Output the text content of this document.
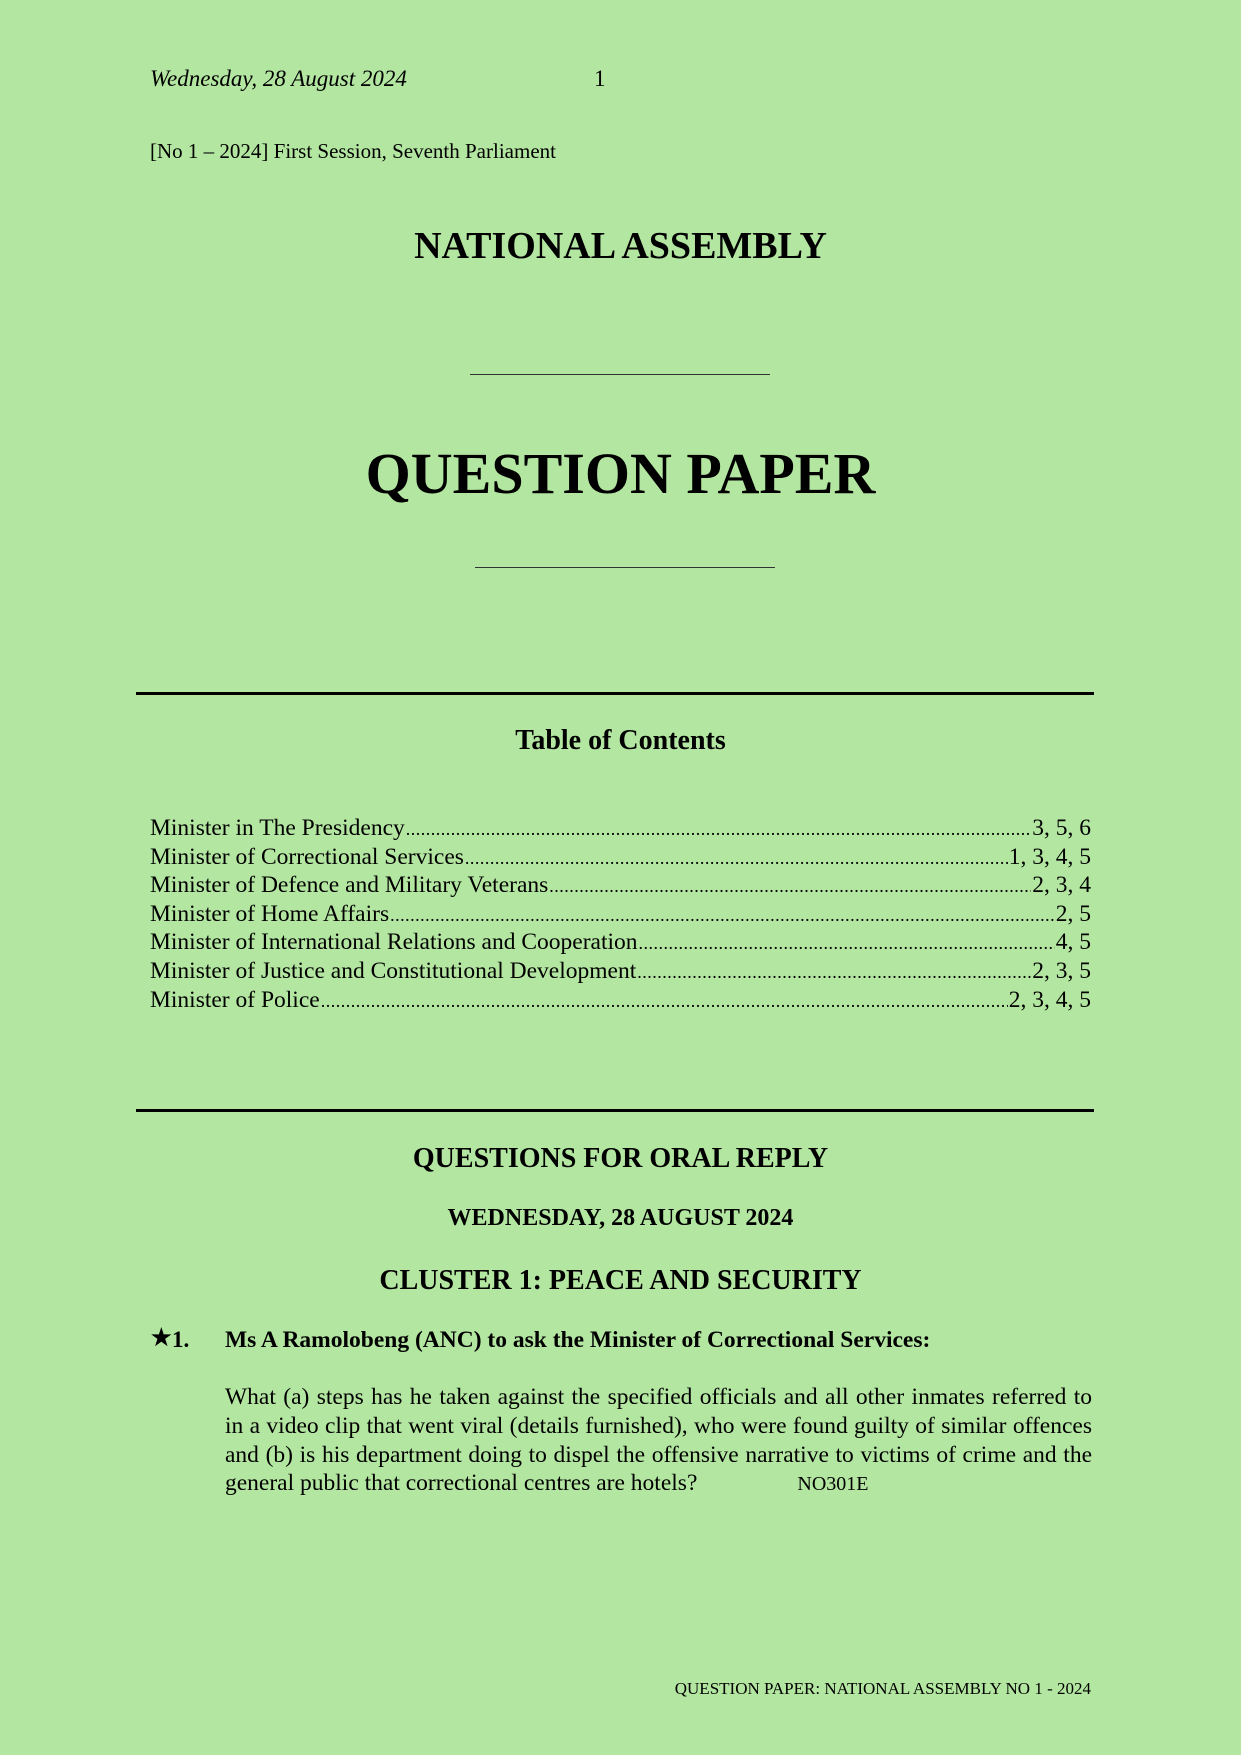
Wednesday, 28 August 2024	1
[No 1 – 2024] First Session, Seventh Parliament
NATIONAL ASSEMBLY
QUESTION PAPER
Table of Contents
Minister in The Presidency .....	3, 5, 6
Minister of Correctional Services .....	1, 3, 4, 5
Minister of Defence and Military Veterans .....	2, 3, 4
Minister of Home Affairs .....	2, 5
Minister of International Relations and Cooperation .....	4, 5
Minister of Justice and Constitutional Development .....	2, 3, 5
Minister of Police .....	2, 3, 4, 5
QUESTIONS FOR ORAL REPLY
WEDNESDAY, 28 AUGUST 2024
CLUSTER 1: PEACE AND SECURITY
★ 1. Ms A Ramolobeng (ANC) to ask the Minister of Correctional Services:
What (a) steps has he taken against the specified officials and all other inmates referred to in a video clip that went viral (details furnished), who were found guilty of similar offences and (b) is his department doing to dispel the offensive narrative to victims of crime and the general public that correctional centres are hotels?	NO301E
QUESTION PAPER: NATIONAL ASSEMBLY NO 1 - 2024
